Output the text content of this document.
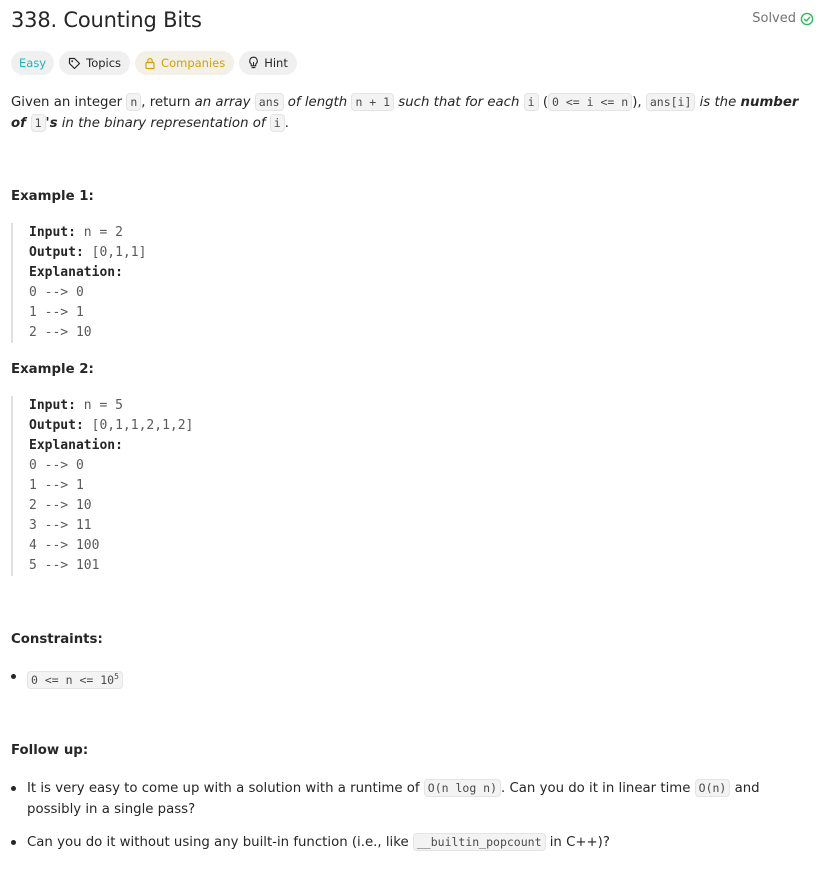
338. Counting Bits	Solved
Easy	Topics	Companies	Hint
Given an integer n , return an array ans of length n + 1 such that for each i ( 0 <= i <= n ), ans[i] is the number of 1 's in the binary representation of i .
Example 1:
Input: n = 2
Output: [0,1,1]
Explanation:
0 --> 0
1 --> 1
2 --> 10
Example 2:
Input: n = 5
Output: [0,1,1,2,1,2]
Explanation:
0 --> 0
1 --> 1
2 --> 10
3 --> 11
4 --> 100
5 --> 101
Constraints:
$0 <= n <= 10^5$
Follow up:
It is very easy to come up with a solution with a runtime of O(n log n) . Can you do it in linear time O(n) and possibly in a single pass?
Can you do it without using any built-in function (i.e., like __builtin_popcount in C++)?
